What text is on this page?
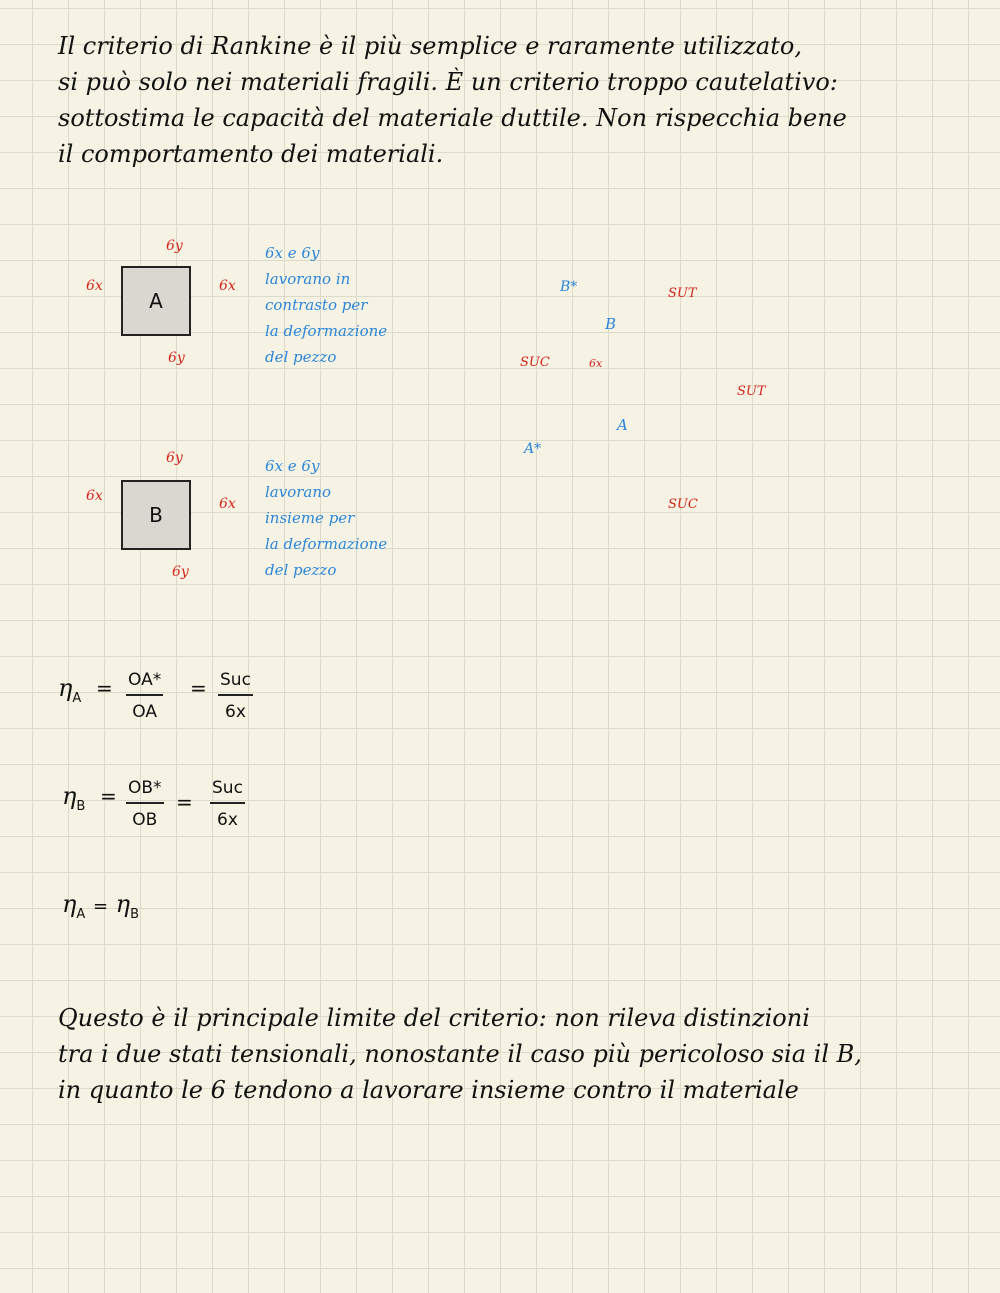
Il criterio di Rankine è il più semplice e raramente utilizzato,
si può solo nei materiali fragili. È un criterio troppo cautelativo:
sottostima le capacità del materiale duttile. Non rispecchia bene
il comportamento dei materiali.
A
6y
6y
6x	6x
6x e 6y
lavorano in
contrasto per
la deformazione
del pezzo
B
6y
6y
6x	6x
6x e 6y
lavorano
insieme per
la deformazione
del pezzo
SUT
SUT
SUC
SUC
6x
B*
B
A
A*
$\eta_A = \frac{OA*}{OA}$ = Suc
6x
$\eta_B = \frac{OB*}{OB}$ =
Suc
6x
$\eta_A = \eta_B$
Questo è il principale limite del criterio: non rileva distinzioni
tra i due stati tensionali, nonostante il caso più pericoloso sia il B,
in quanto le 6 tendono a lavorare insieme contro il materiale
